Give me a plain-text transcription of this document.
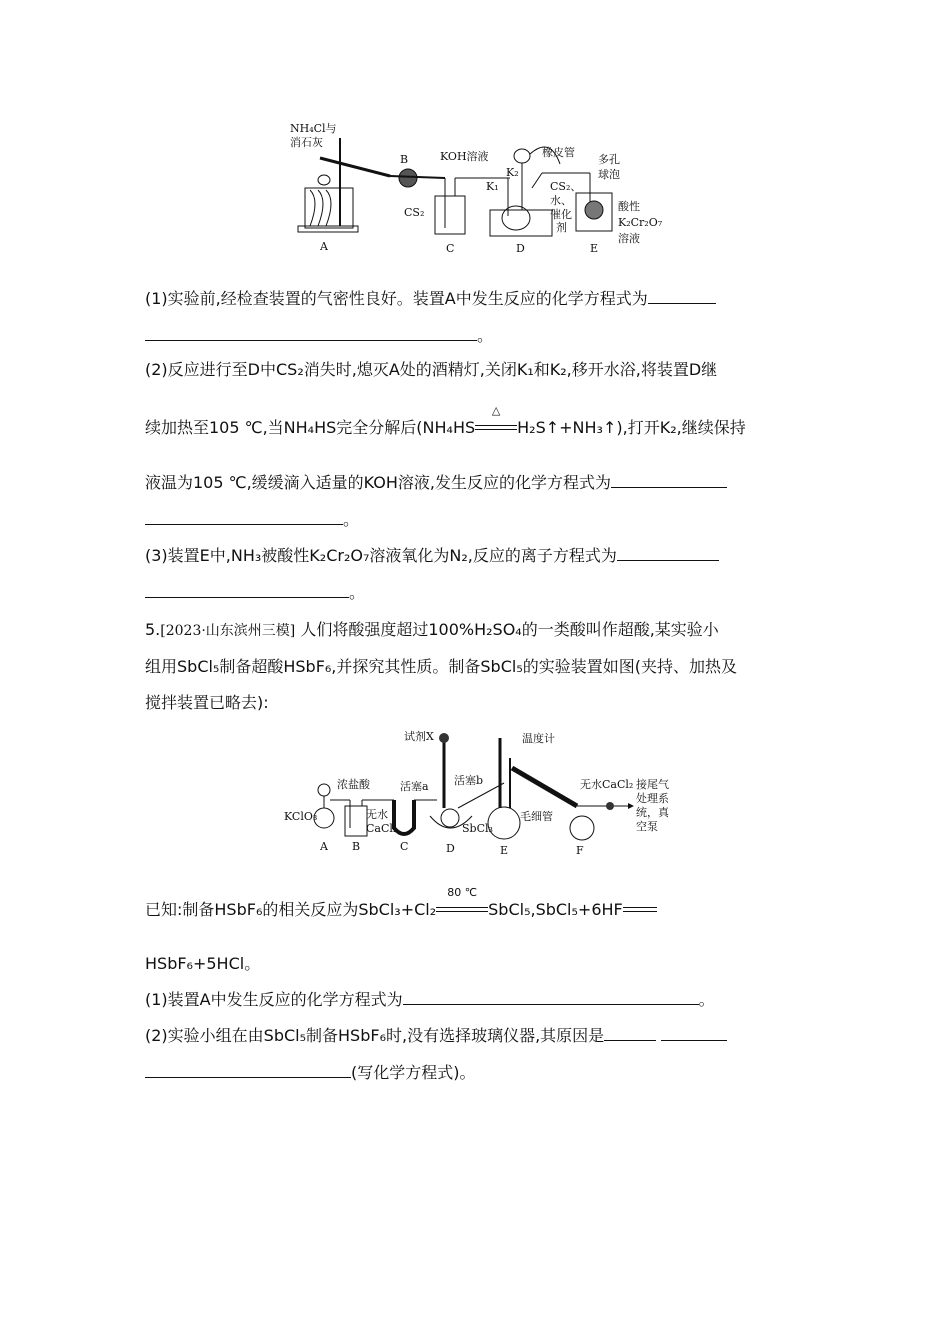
NH₄Cl与
消石灰
B	KOH溶液	橡皮管
多孔
球泡
K₁
K₂
CS₂
CS₂、
水、
催化
剂
酸性
K₂Cr₂O₇
溶液
A	C	D	E
(1)实验前,经检查装置的气密性良好。装置A中发生反应的化学方程式为
。
(2)反应进行至D中CS₂消失时,熄灭A处的酒精灯,关闭K₁和K₂,移开水浴,将装置D继
续加热至105 ℃,当NH₄HS完全分解后(NH₄HS
△
H₂S↑+NH₃↑),打开K₂,继续保持
液温为105 ℃,缓缓滴入适量的KOH溶液,发生反应的化学方程式为
。
(3)装置E中,NH₃被酸性K₂Cr₂O₇溶液氧化为N₂,反应的离子方程式为
。
5.[2023·山东滨州三模] 人们将酸强度超过100%H₂SO₄的一类酸叫作超酸,某实验小
组用SbCl₅制备超酸HSbF₆,并探究其性质。制备SbCl₅的实验装置如图(夹持、加热及
搅拌装置已略去):
试剂X	温度计
浓盐酸	活塞a 活塞b
KClO₃	无水
CaCl₂	SbCl₃
毛细管
无水CaCl₂ 接尾气
处理系
统，真
空泵
A B	C	D	E	F
已知:制备HSbF₆的相关反应为SbCl₃+Cl₂
80 ℃
SbCl₅,SbCl₅+6HF
HSbF₆+5HCl。
(1)装置A中发生反应的化学方程式为	。
(2)实验小组在由SbCl₅制备HSbF₆时,没有选择玻璃仪器,其原因是
(写化学方程式)。
